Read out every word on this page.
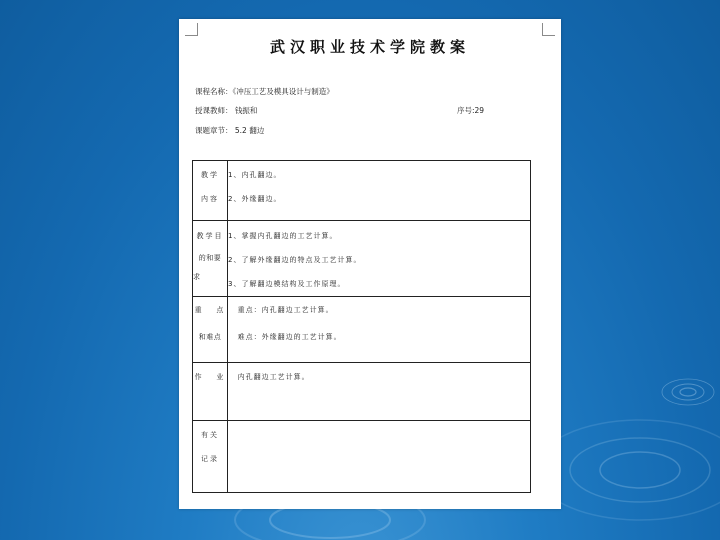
武汉职业技术学院教案
课程名称：《冲压工艺及模具设计与制造》
授课教师： 钱振和	序号:29
课题章节： 5.2 翻边
教学
内容	1、内孔翻边。
2、外缘翻边。

教学目
的和要
求	1、掌握内孔翻边的工艺计算。
2、了解外缘翻边的特点及工艺计算。
3、了解翻边模结构及工作原理。

重   点
和难点	重点：内孔翻边工艺计算。
难点：外缘翻边的工艺计算。

作   业	内孔翻边工艺计算。

有关
记录	
